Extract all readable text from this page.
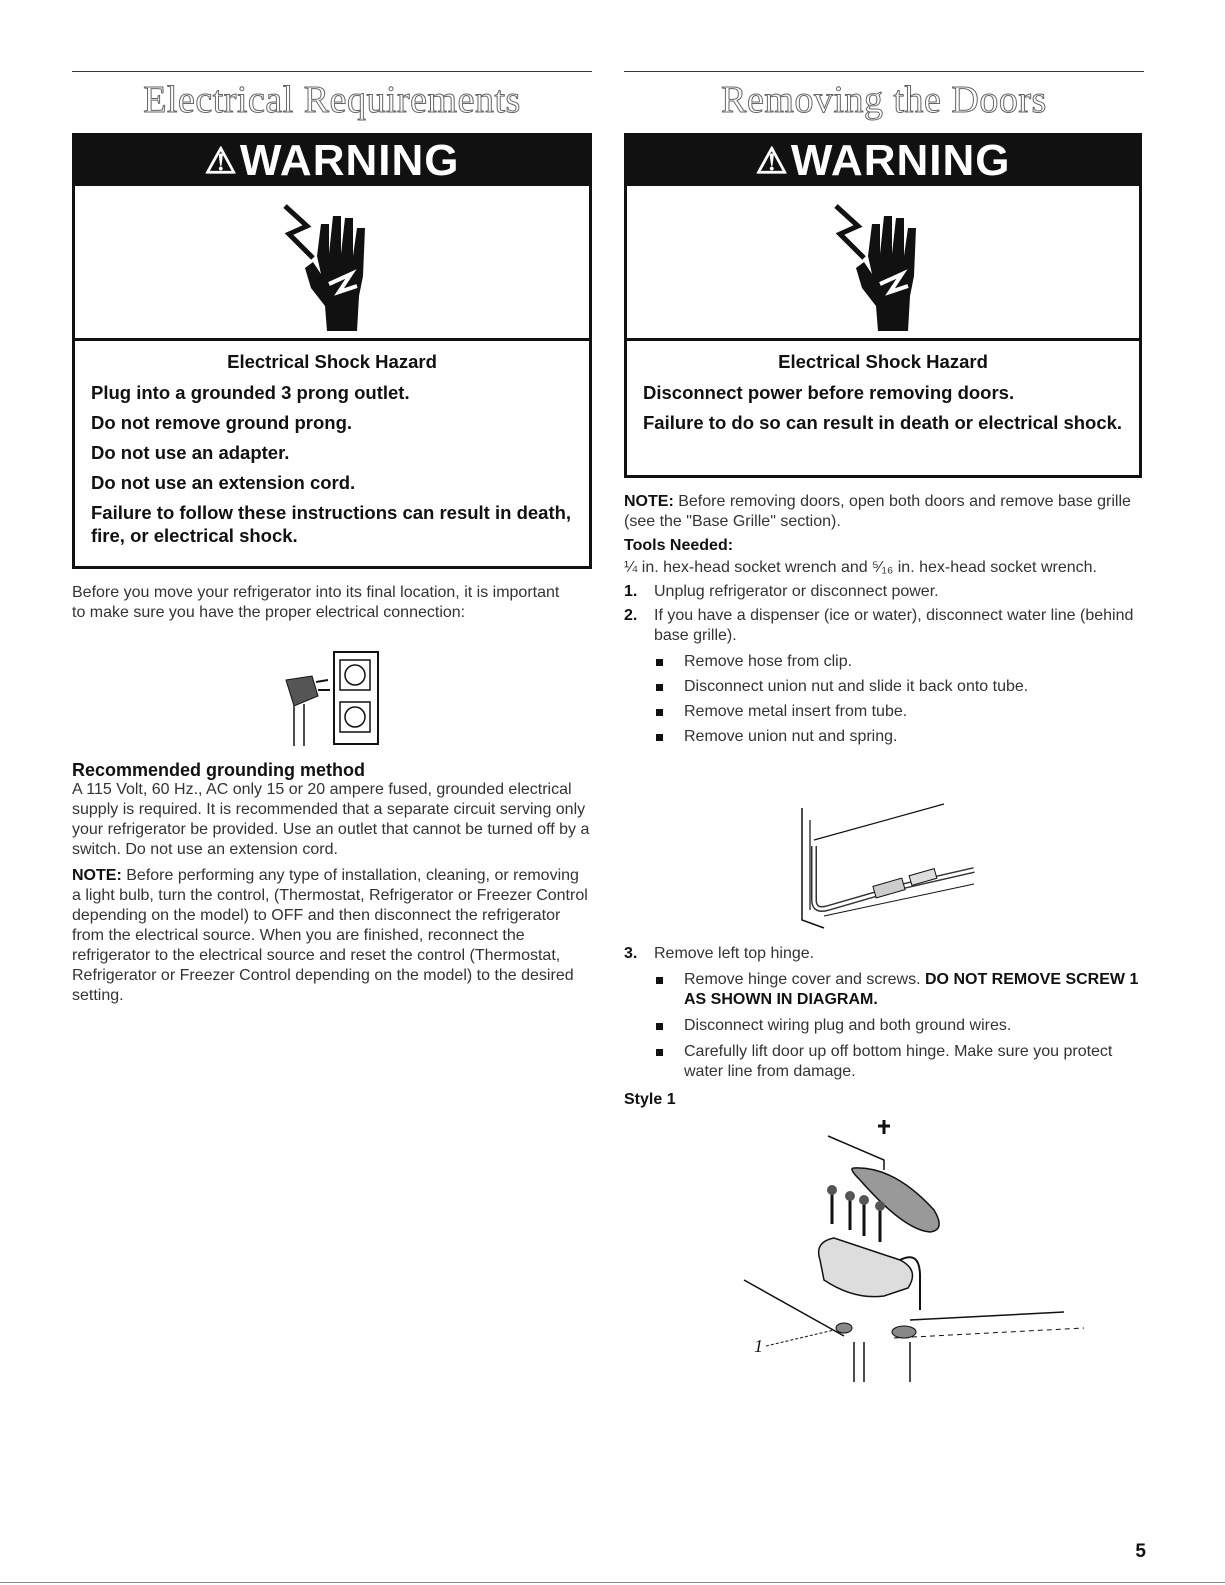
Electrical Requirements
⚠WARNING
Electrical Shock Hazard

Plug into a grounded 3 prong outlet.

Do not remove ground prong.

Do not use an adapter.

Do not use an extension cord.

Failure to follow these instructions can result in death, fire, or electrical shock.

Before you move your refrigerator into its final location, it is important to make sure you have the proper electrical connection:
Recommended grounding method

A 115 Volt, 60 Hz., AC only 15 or 20 ampere fused, grounded electrical supply is required. It is recommended that a separate circuit serving only your refrigerator be provided. Use an outlet that cannot be turned off by a switch. Do not use an extension cord.

NOTE: Before performing any type of installation, cleaning, or removing a light bulb, turn the control, (Thermostat, Refrigerator or Freezer Control depending on the model) to OFF and then disconnect the refrigerator from the electrical source. When you are finished, reconnect the refrigerator to the electrical source and reset the control (Thermostat, Refrigerator or Freezer Control depending on the model) to the desired setting.

Removing the Doors
⚠WARNING
Electrical Shock Hazard

Disconnect power before removing doors.

Failure to do so can result in death or electrical shock.

NOTE: Before removing doors, open both doors and remove base grille (see the "Base Grille" section).

Tools Needed:

¼ in. hex-head socket wrench and ⁵⁄₁₆ in. hex-head socket wrench.

1. Unplug refrigerator or disconnect power.
2. If you have a dispenser (ice or water), disconnect water line (behind base grille).
Remove hose from clip.
Disconnect union nut and slide it back onto tube.
Remove metal insert from tube.
Remove union nut and spring.
3. Remove left top hinge.
Remove hinge cover and screws. DO NOT REMOVE SCREW 1 AS SHOWN IN DIAGRAM.
Disconnect wiring plug and both ground wires.
Carefully lift door up off bottom hinge. Make sure you protect water line from damage.
Style 1
1
5
